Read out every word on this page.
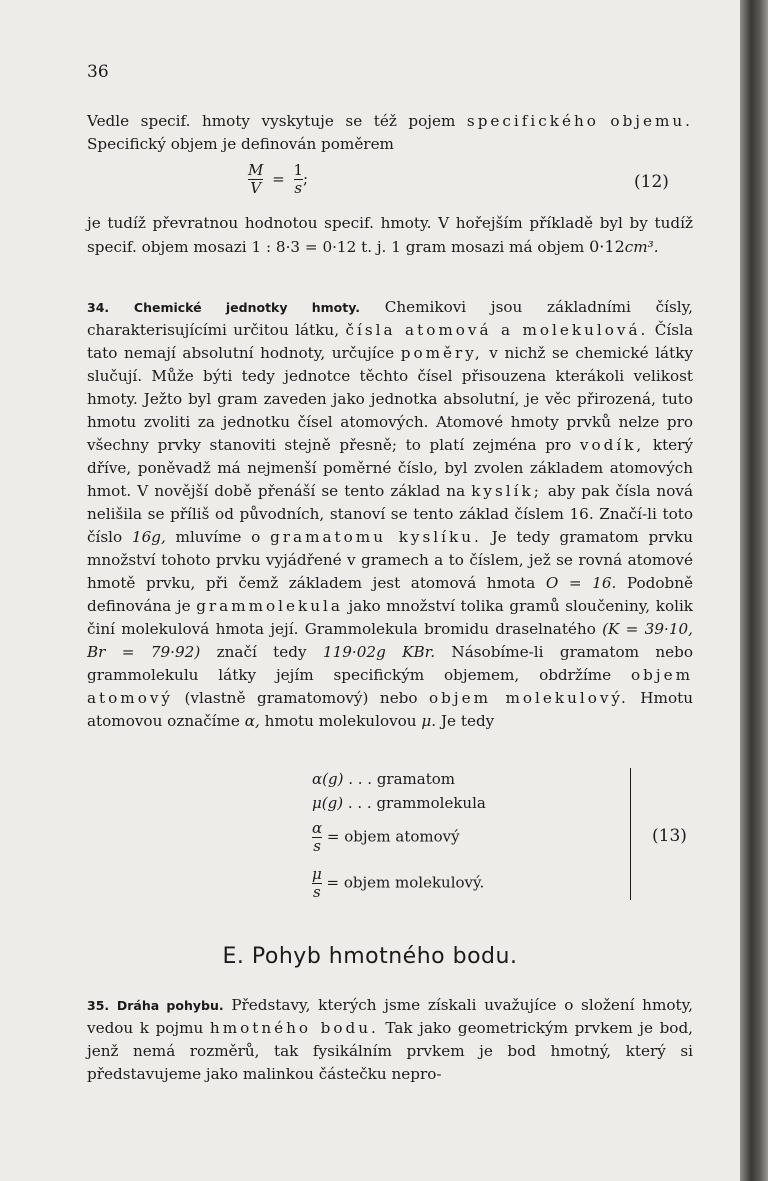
36
Vedle specif. hmoty vyskytuje se též pojem specifického objemu. Specifický objem je definován poměrem
$\frac{M}{V} = \frac{1}{s}$ ;	(12)
je tudíž převratnou hodnotou specif. hmoty. V hořejším příkladě byl by tudíž specif. objem mosazi 1 : 8·3 = 0·12 t. j. 1 gram mosazi má objem 0·12cm³.
34. Chemické jednotky hmoty. Chemikovi jsou základními čísly, charakterisujícími určitou látku, čísla atomová a molekulová. Čísla tato nemají absolutní hodnoty, určujíce poměry, v nichž se chemické látky slučují. Může býti tedy jednotce těchto čísel přisouzena kterákoli velikost hmoty. Ježto byl gram zaveden jako jednotka absolutní, je věc přirozená, tuto hmotu zvoliti za jednotku čísel atomových. Atomové hmoty prvků nelze pro všechny prvky stanoviti stejně přesně; to platí zejména pro vodík, který dříve, poněvadž má nejmenší poměrné číslo, byl zvolen základem atomových hmot. V novější době přenáší se tento základ na kyslík; aby pak čísla nová nelišila se příliš od původních, stanoví se tento základ číslem 16. Značí-li toto číslo 16g, mluvíme o gramatomu kyslíku. Je tedy gramatom prvku množství tohoto prvku vyjádřené v gramech a to číslem, jež se rovná atomové hmotě prvku, při čemž základem jest atomová hmota O = 16. Podobně definována je grammolekula jako množství tolika gramů sloučeniny, kolik činí molekulová hmota její. Grammolekula bromidu draselnatého (K = 39·10, Br = 79·92) značí tedy 119·02g KBr. Násobíme-li gramatom nebo grammolekulu látky jejím specifickým objemem, obdržíme objem atomový (vlastně gramatomový) nebo objem molekulový. Hmotu atomovou označíme α, hmotu molekulovou μ. Je tedy
α(g) . . . gramatom
μ(g) . . . grammolekula
$\frac{\alpha}{s}$ = objem atomový
$\frac{\mu}{s}$ = objem molekulový.
(13)
E. Pohyb hmotného bodu.
35. Dráha pohybu. Představy, kterých jsme získali uvažujíce o složení hmoty, vedou k pojmu hmotného bodu. Tak jako geometrickým prvkem je bod, jenž nemá rozměrů, tak fysikálním prvkem je bod hmotný, který si představujeme jako malinkou částečku nepro-
